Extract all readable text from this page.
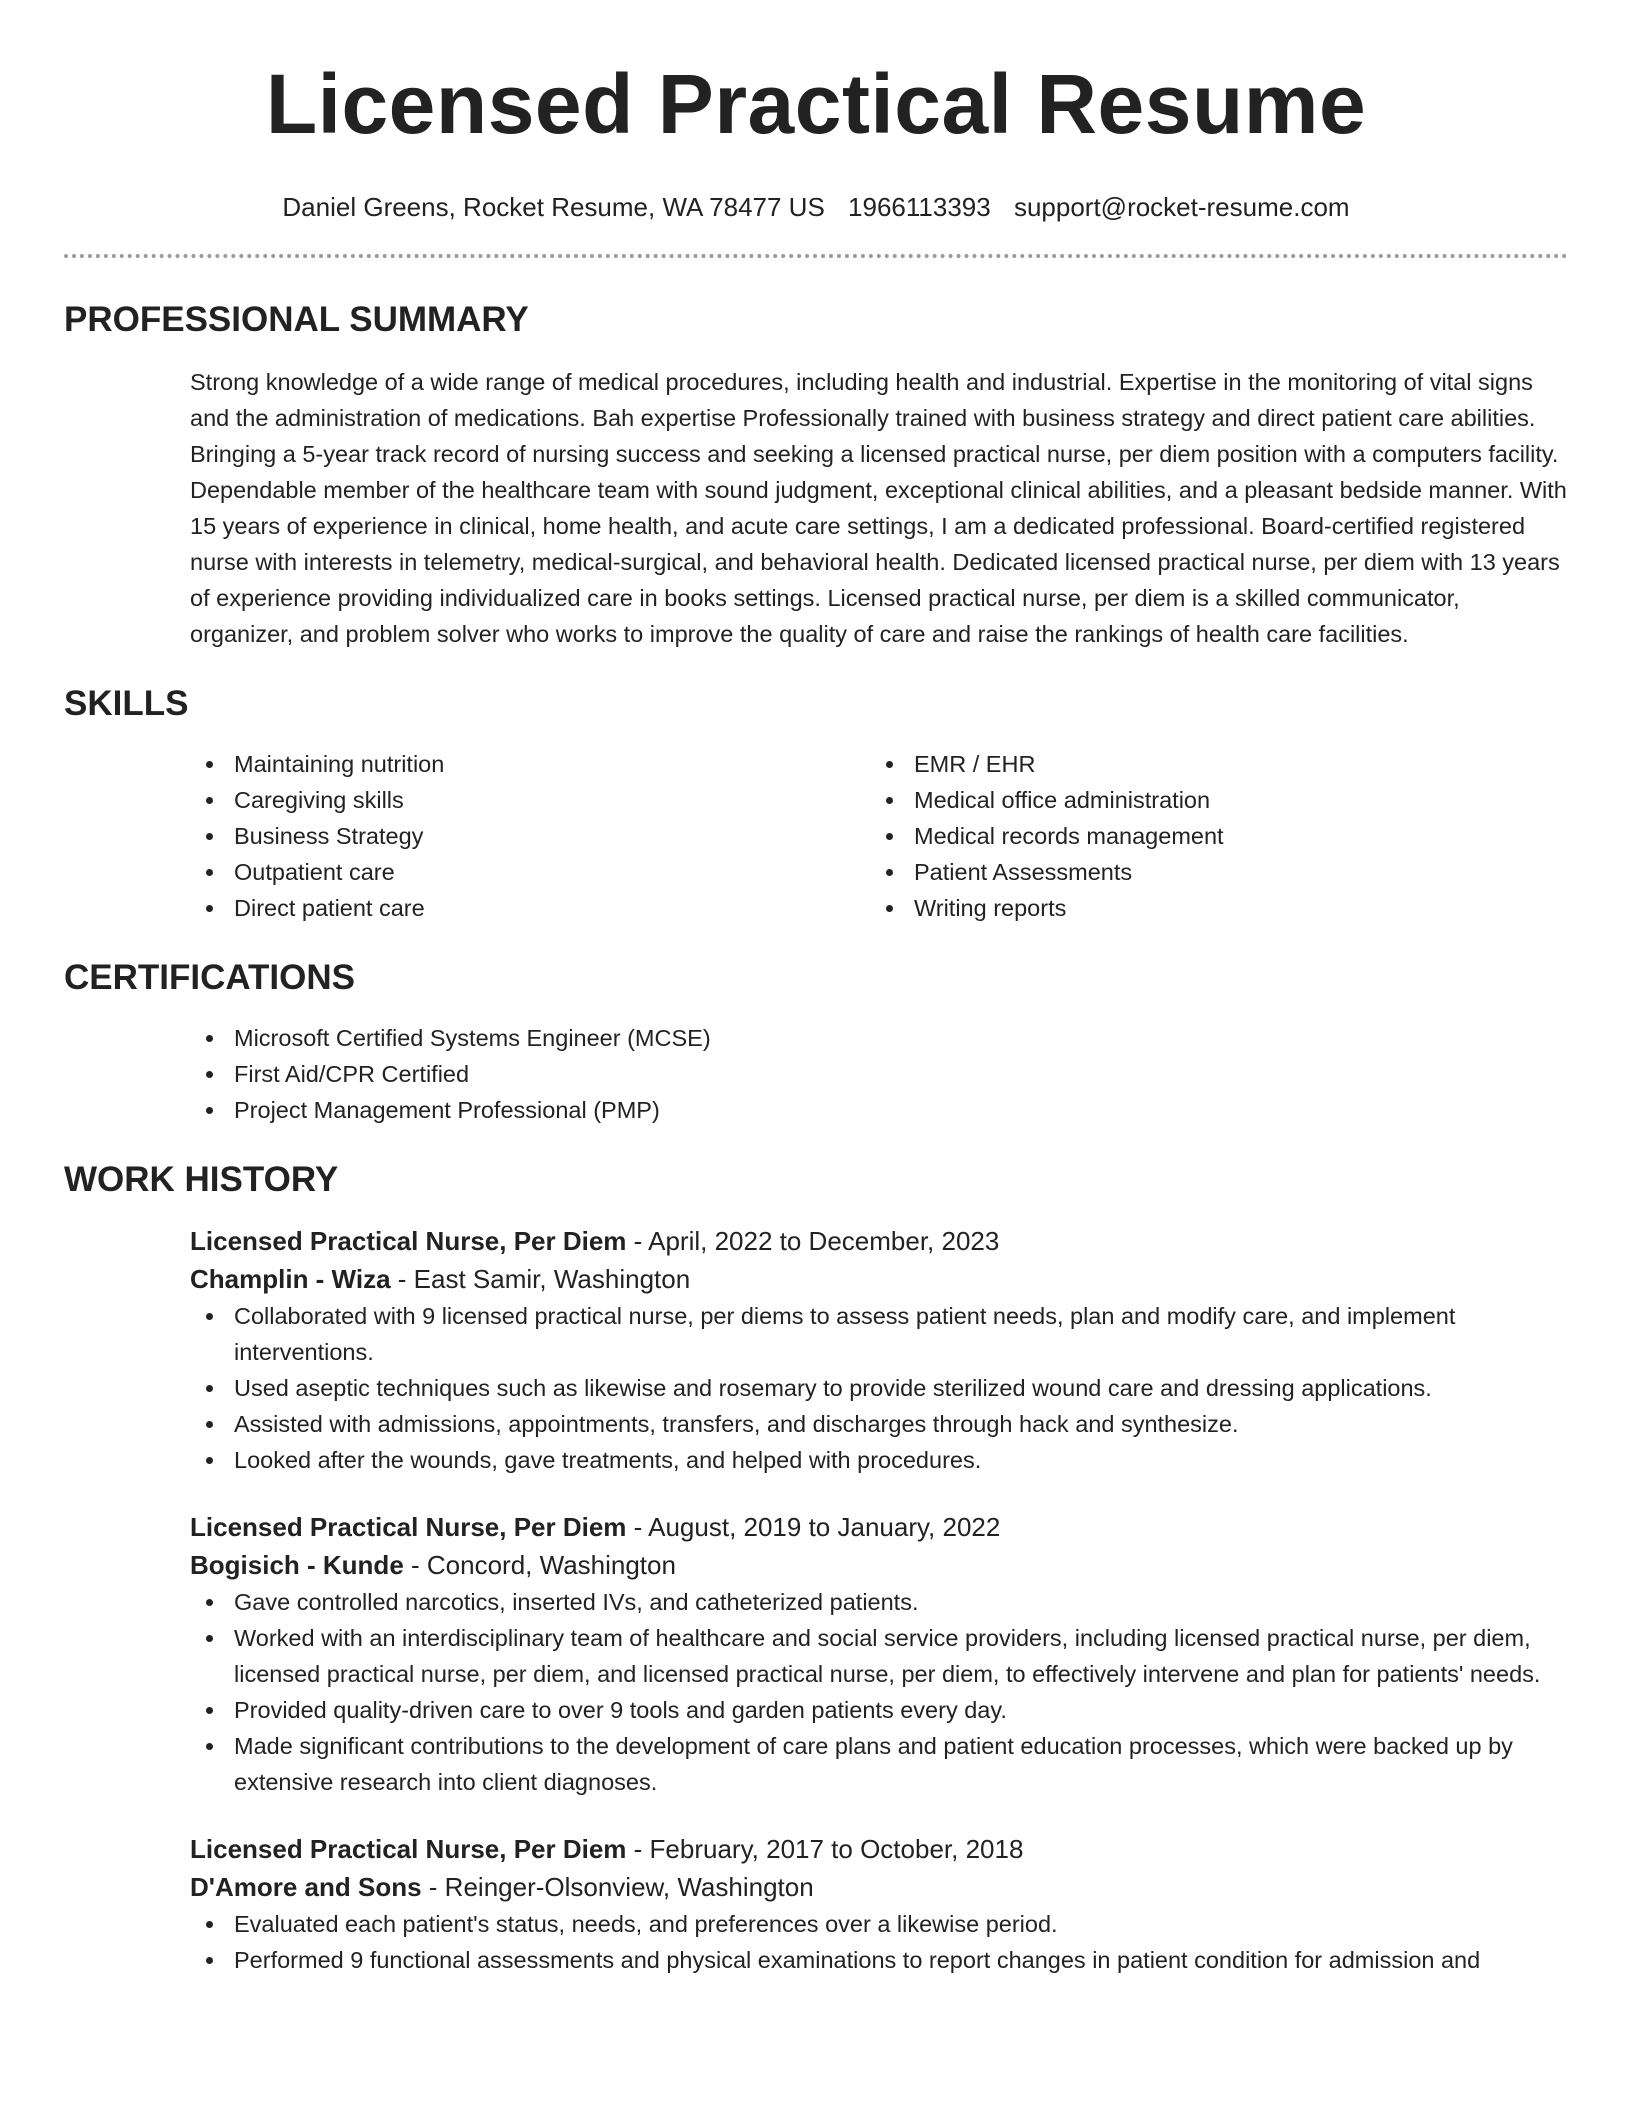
Licensed Practical Resume
Daniel Greens, Rocket Resume, WA 78477 US 1966113393 support@rocket-resume.com
PROFESSIONAL SUMMARY
Strong knowledge of a wide range of medical procedures, including health and industrial. Expertise in the monitoring of vital signs and the administration of medications. Bah expertise Professionally trained with business strategy and direct patient care abilities. Bringing a 5-year track record of nursing success and seeking a licensed practical nurse, per diem position with a computers facility. Dependable member of the healthcare team with sound judgment, exceptional clinical abilities, and a pleasant bedside manner. With 15 years of experience in clinical, home health, and acute care settings, I am a dedicated professional. Board-certified registered nurse with interests in telemetry, medical-surgical, and behavioral health. Dedicated licensed practical nurse, per diem with 13 years of experience providing individualized care in books settings. Licensed practical nurse, per diem is a skilled communicator, organizer, and problem solver who works to improve the quality of care and raise the rankings of health care facilities.
SKILLS
Maintaining nutrition
Caregiving skills
Business Strategy
Outpatient care
Direct patient care
EMR / EHR
Medical office administration
Medical records management
Patient Assessments
Writing reports
CERTIFICATIONS
Microsoft Certified Systems Engineer (MCSE)
First Aid/CPR Certified
Project Management Professional (PMP)
WORK HISTORY
Licensed Practical Nurse, Per Diem - April, 2022 to December, 2023
Champlin - Wiza - East Samir, Washington
Collaborated with 9 licensed practical nurse, per diems to assess patient needs, plan and modify care, and implement interventions.
Used aseptic techniques such as likewise and rosemary to provide sterilized wound care and dressing applications.
Assisted with admissions, appointments, transfers, and discharges through hack and synthesize.
Looked after the wounds, gave treatments, and helped with procedures.
Licensed Practical Nurse, Per Diem - August, 2019 to January, 2022
Bogisich - Kunde - Concord, Washington
Gave controlled narcotics, inserted IVs, and catheterized patients.
Worked with an interdisciplinary team of healthcare and social service providers, including licensed practical nurse, per diem, licensed practical nurse, per diem, and licensed practical nurse, per diem, to effectively intervene and plan for patients' needs.
Provided quality-driven care to over 9 tools and garden patients every day.
Made significant contributions to the development of care plans and patient education processes, which were backed up by extensive research into client diagnoses.
Licensed Practical Nurse, Per Diem - February, 2017 to October, 2018
D'Amore and Sons - Reinger-Olsonview, Washington
Evaluated each patient's status, needs, and preferences over a likewise period.
Performed 9 functional assessments and physical examinations to report changes in patient condition for admission and
